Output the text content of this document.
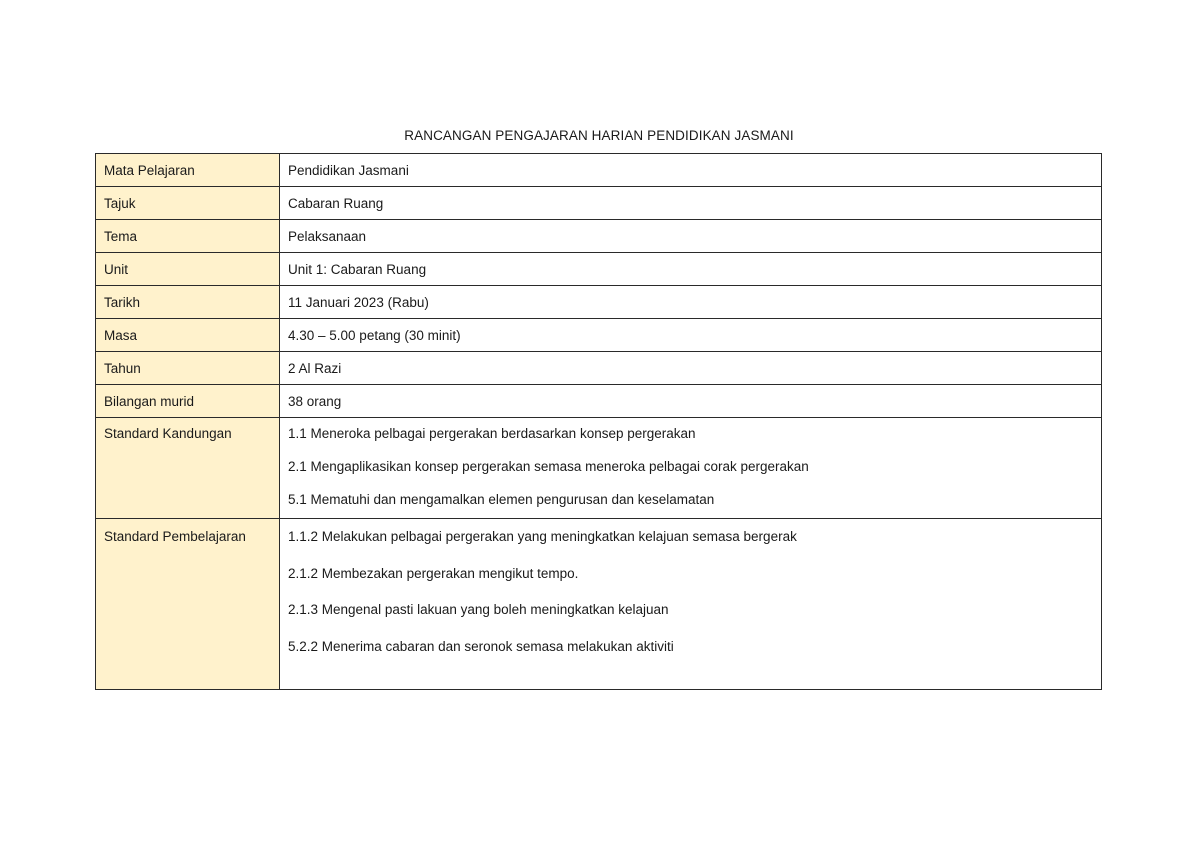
RANCANGAN PENGAJARAN HARIAN PENDIDIKAN JASMANI
Mata Pelajaran	Pendidikan Jasmani
Tajuk	Cabaran Ruang
Tema	Pelaksanaan
Unit	Unit 1: Cabaran Ruang
Tarikh	11 Januari 2023 (Rabu)
Masa	4.30 – 5.00 petang (30 minit)
Tahun	2 Al Razi
Bilangan murid	38 orang
Standard Kandungan	1.1 Meneroka pelbagai pergerakan berdasarkan konsep pergerakan
2.1 Mengaplikasikan konsep pergerakan semasa meneroka pelbagai corak pergerakan
5.1 Mematuhi dan mengamalkan elemen pengurusan dan keselamatan

Standard Pembelajaran	1.1.2 Melakukan pelbagai pergerakan yang meningkatkan kelajuan semasa bergerak
2.1.2 Membezakan pergerakan mengikut tempo.
2.1.3 Mengenal pasti lakuan yang boleh meningkatkan kelajuan
5.2.2 Menerima cabaran dan seronok semasa melakukan aktiviti
